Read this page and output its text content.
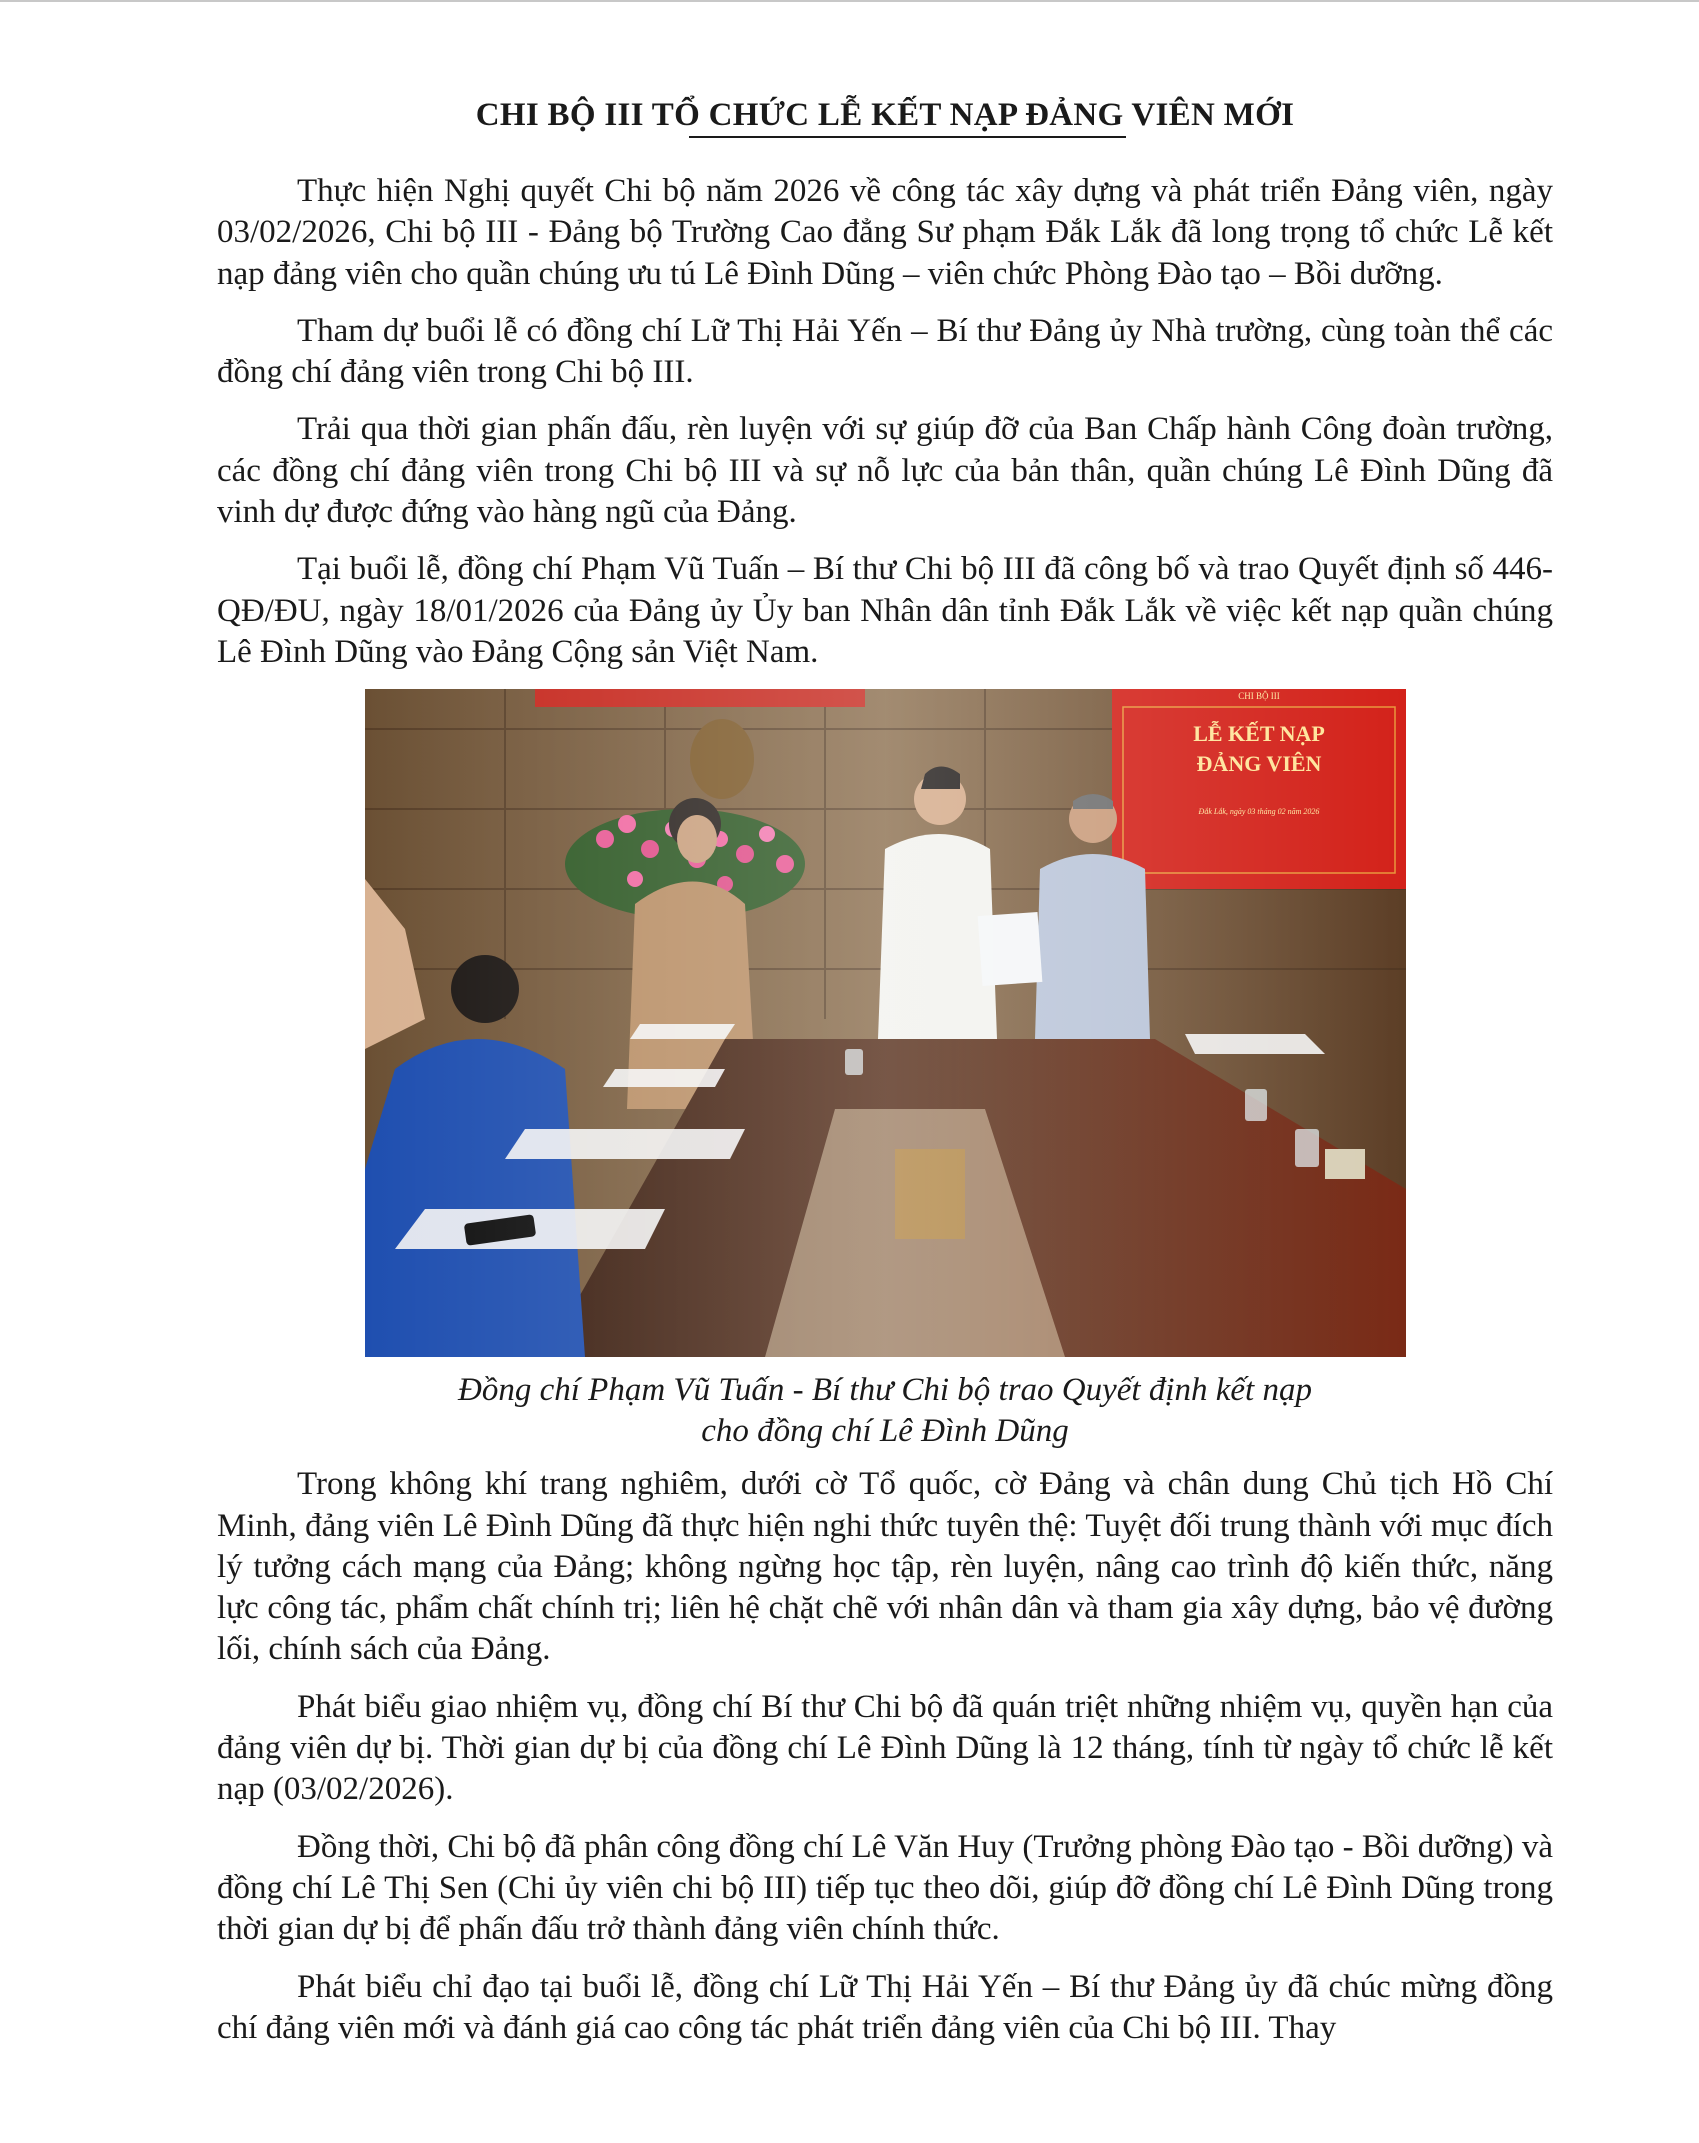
CHI BỘ III TỔ CHỨC LỄ KẾT NẠP ĐẢNG VIÊN MỚI

Thực hiện Nghị quyết Chi bộ năm 2026 về công tác xây dựng và phát triển Đảng viên, ngày 03/02/2026, Chi bộ III - Đảng bộ Trường Cao đẳng Sư phạm Đắk Lắk đã long trọng tổ chức Lễ kết nạp đảng viên cho quần chúng ưu tú Lê Đình Dũng – viên chức Phòng Đào tạo – Bồi dưỡng.

Tham dự buổi lễ có đồng chí Lữ Thị Hải Yến – Bí thư Đảng ủy Nhà trường, cùng toàn thể các đồng chí đảng viên trong Chi bộ III.

Trải qua thời gian phấn đấu, rèn luyện với sự giúp đỡ của Ban Chấp hành Công đoàn trường, các đồng chí đảng viên trong Chi bộ III và sự nỗ lực của bản thân, quần chúng Lê Đình Dũng đã vinh dự được đứng vào hàng ngũ của Đảng.

Tại buổi lễ, đồng chí Phạm Vũ Tuấn – Bí thư Chi bộ III đã công bố và trao Quyết định số 446-QĐ/ĐU, ngày 18/01/2026 của Đảng ủy Ủy ban Nhân dân tỉnh Đắk Lắk về việc kết nạp quần chúng Lê Đình Dũng vào Đảng Cộng sản Việt Nam.

Đồng chí Phạm Vũ Tuấn - Bí thư Chi bộ trao Quyết định kết nạp
cho đồng chí Lê Đình Dũng

Trong không khí trang nghiêm, dưới cờ Tổ quốc, cờ Đảng và chân dung Chủ tịch Hồ Chí Minh, đảng viên Lê Đình Dũng đã thực hiện nghi thức tuyên thệ: Tuyệt đối trung thành với mục đích lý tưởng cách mạng của Đảng; không ngừng học tập, rèn luyện, nâng cao trình độ kiến thức, năng lực công tác, phẩm chất chính trị; liên hệ chặt chẽ với nhân dân và tham gia xây dựng, bảo vệ đường lối, chính sách của Đảng.

Phát biểu giao nhiệm vụ, đồng chí Bí thư Chi bộ đã quán triệt những nhiệm vụ, quyền hạn của đảng viên dự bị. Thời gian dự bị của đồng chí Lê Đình Dũng là 12 tháng, tính từ ngày tổ chức lễ kết nạp (03/02/2026).

Đồng thời, Chi bộ đã phân công đồng chí Lê Văn Huy (Trưởng phòng Đào tạo - Bồi dưỡng) và đồng chí Lê Thị Sen (Chi ủy viên chi bộ III) tiếp tục theo dõi, giúp đỡ đồng chí Lê Đình Dũng trong thời gian dự bị để phấn đấu trở thành đảng viên chính thức.

Phát biểu chỉ đạo tại buổi lễ, đồng chí Lữ Thị Hải Yến – Bí thư Đảng ủy đã chúc mừng đồng chí đảng viên mới và đánh giá cao công tác phát triển đảng viên của Chi bộ III. Thay
